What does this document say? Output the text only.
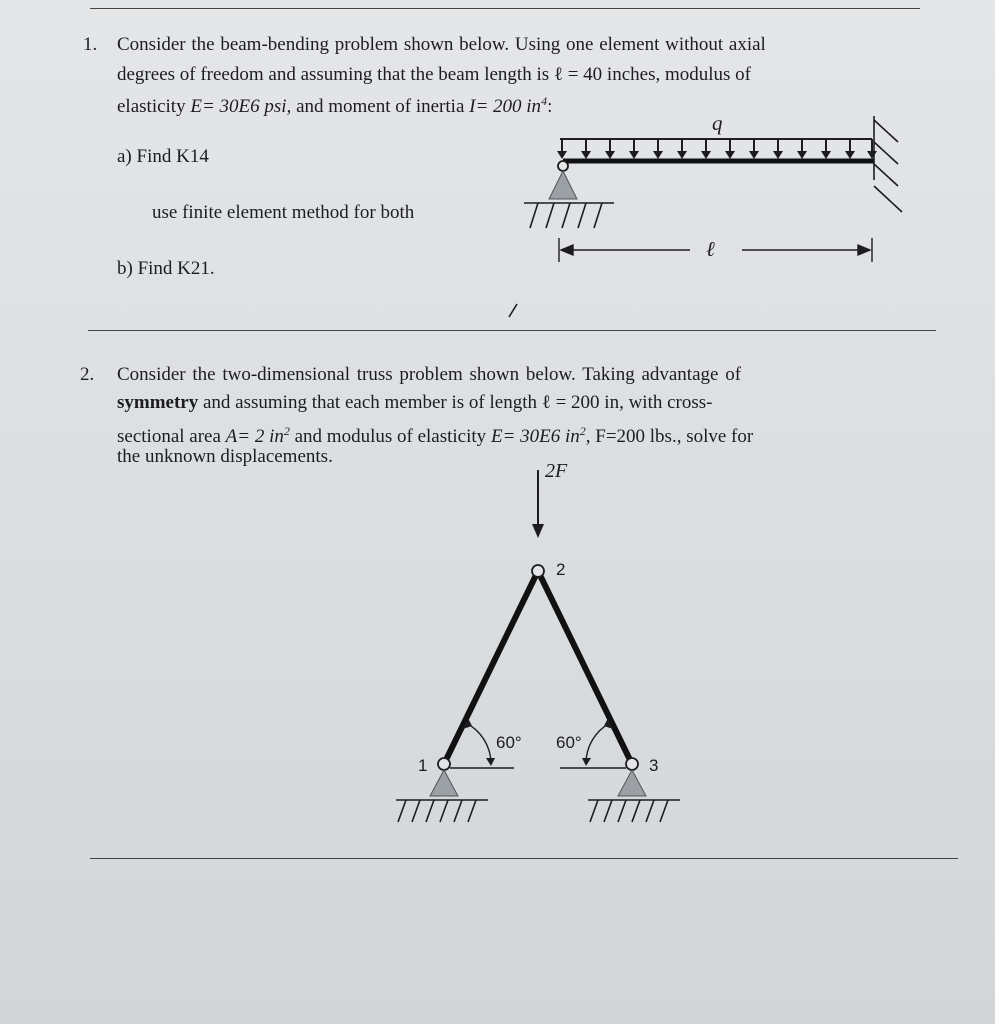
1. Consider the beam-bending problem shown below. Using one element without axial
degrees of freedom and assuming that the beam length is ℓ = 40 inches, modulus of
elasticity E= 30E6 psi, and moment of inertia I= 200 $in^4$:
a) Find K14
use finite element method for both
b) Find K21.
q
ℓ
2. Consider the two-dimensional truss problem shown below. Taking advantage of
symmetry and assuming that each member is of length ℓ = 200 in, with cross-
sectional area A= 2 $in^2$ and modulus of elasticity E= 30E6 $in^2$, F=200 lbs., solve for
the unknown displacements.
2F
2
1	3
60° 60°
